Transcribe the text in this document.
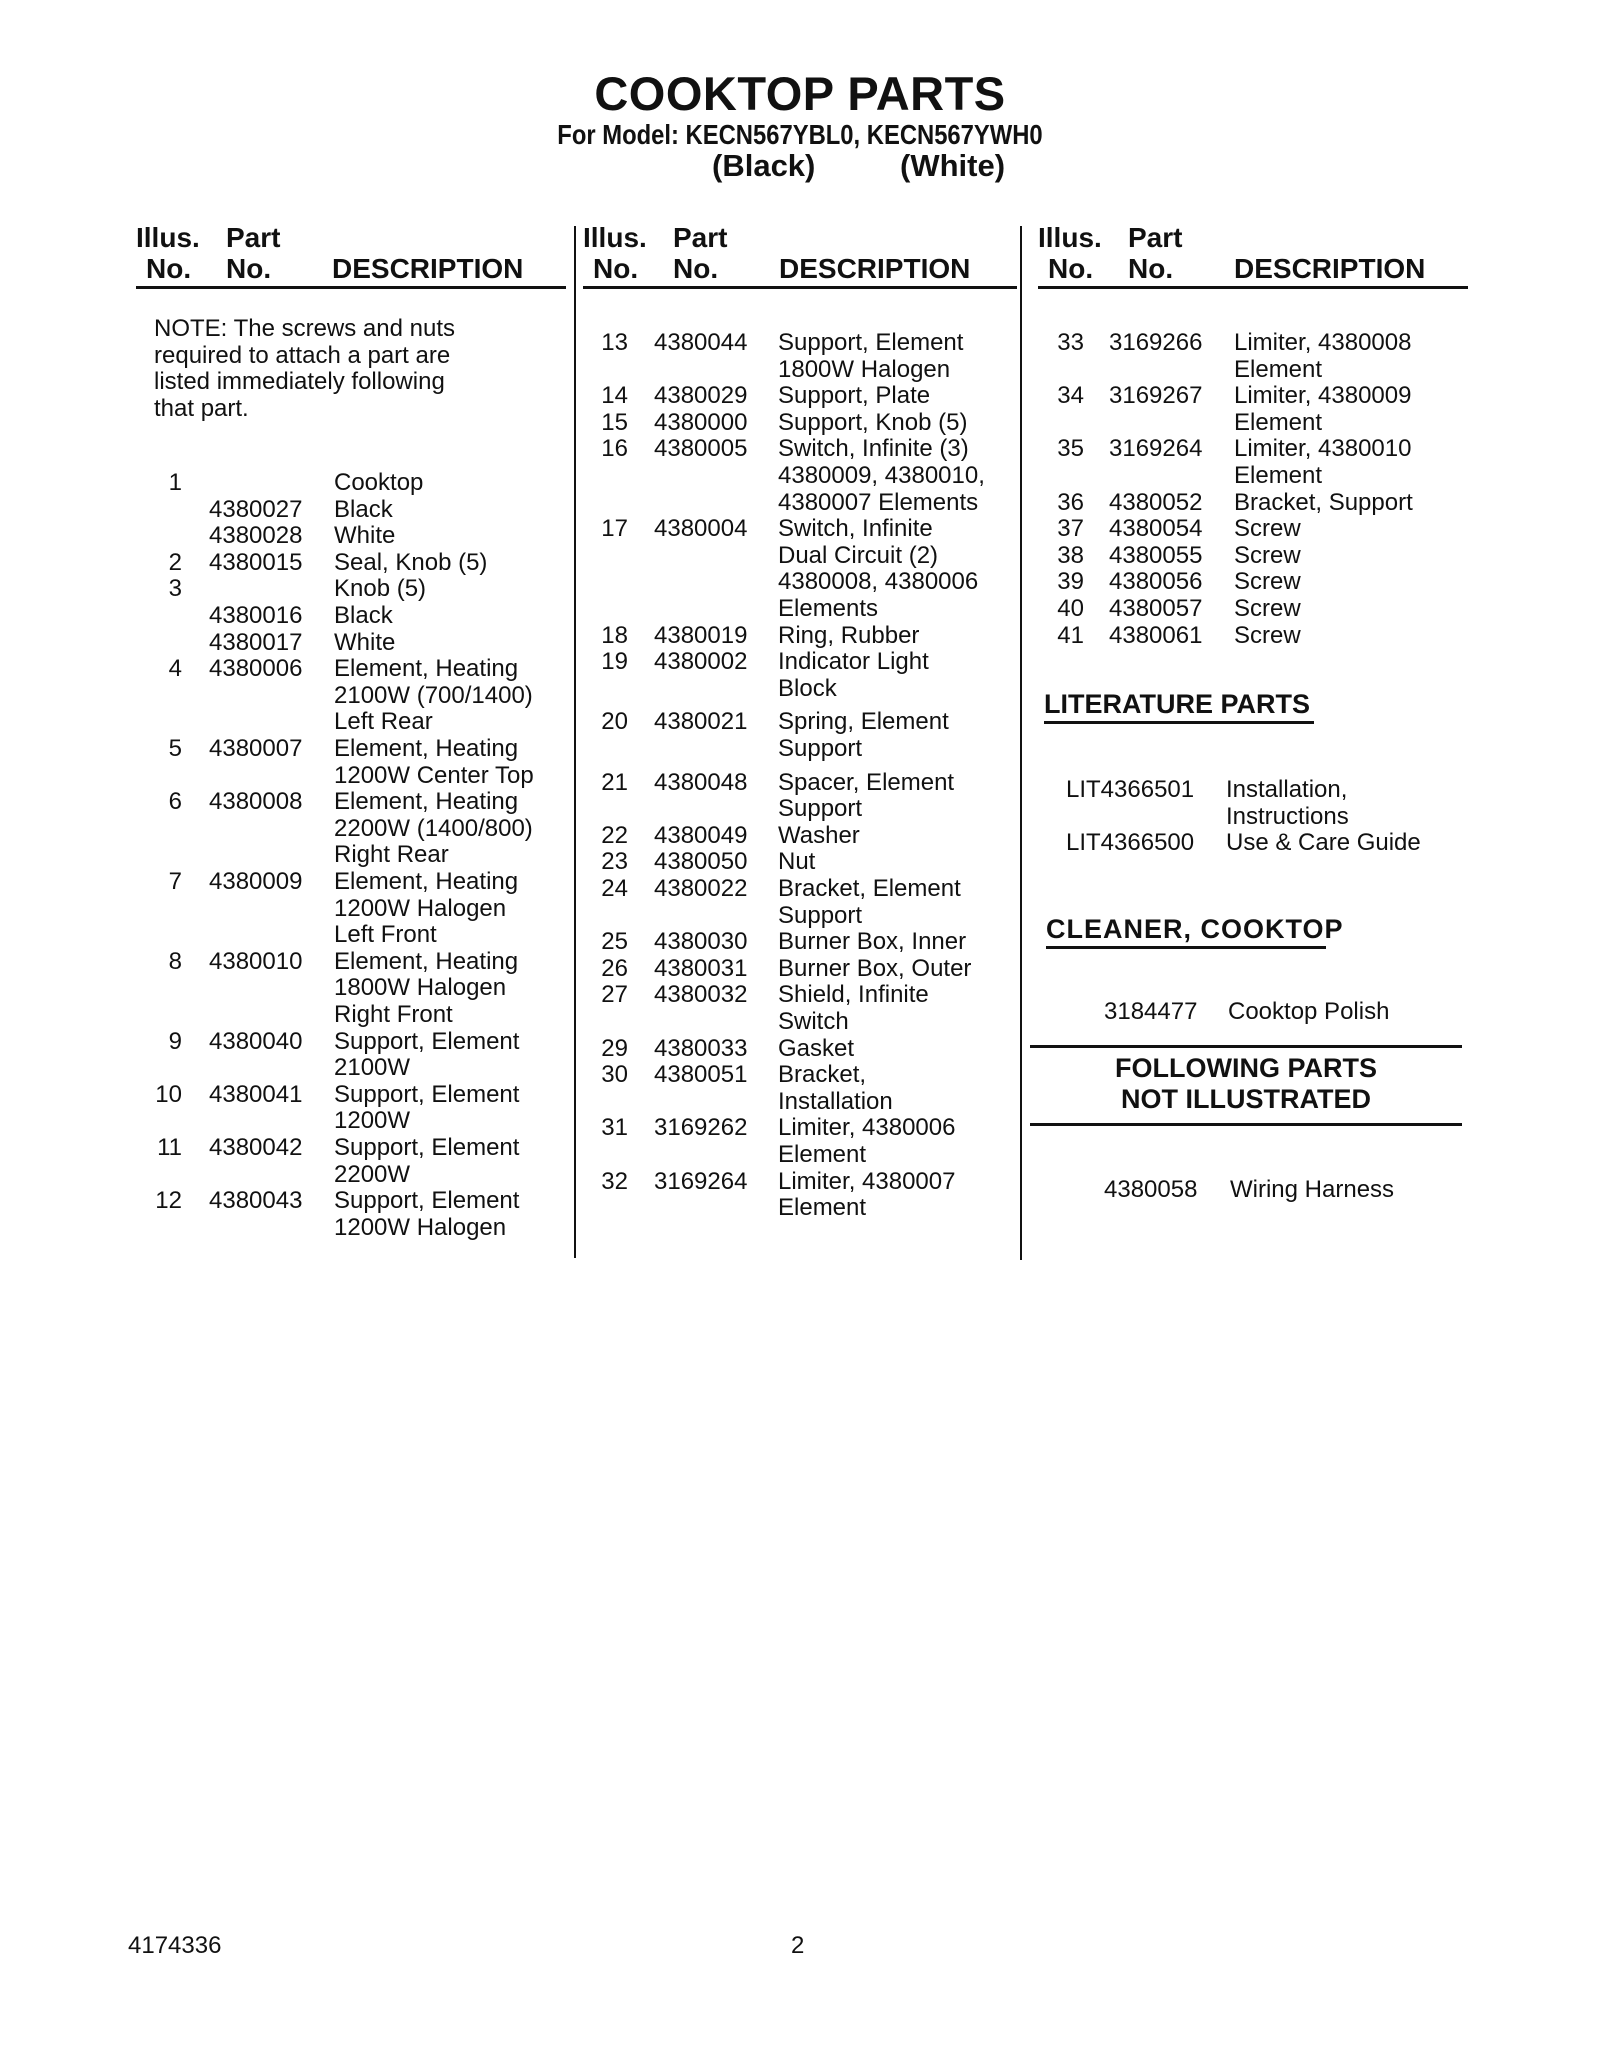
COOKTOP PARTS
For Model: KECN567YBL0, KECN567YWH0
(Black)	(White)
Illus. Part
No. No. DESCRIPTION
Illus. Part
No. No. DESCRIPTION
Illus. Part
No. No. DESCRIPTION
NOTE: The screws and nuts
required to attach a part are
listed immediately following
that part.
1	Cooktop
4380027 Black
4380028 White
2 4380015 Seal, Knob (5)
3	Knob (5)
4380016 Black
4380017 White
4 4380006 Element, Heating
2100W (700/1400)
Left Rear
5 4380007 Element, Heating
1200W Center Top
6 4380008 Element, Heating
2200W (1400/800)
Right Rear
7 4380009 Element, Heating
1200W Halogen
Left Front
8 4380010 Element, Heating
1800W Halogen
Right Front
9 4380040 Support, Element
2100W
10 4380041 Support, Element
1200W
11 4380042 Support, Element
2200W
12 4380043 Support, Element
1200W Halogen
13 4380044 Support, Element
1800W Halogen
14 4380029 Support, Plate
15 4380000 Support, Knob (5)
16 4380005 Switch, Infinite (3)
4380009, 4380010,
4380007 Elements
17 4380004 Switch, Infinite
Dual Circuit (2)
4380008, 4380006
Elements
18 4380019 Ring, Rubber
19 4380002 Indicator Light
Block
20 4380021 Spring, Element
Support
21 4380048 Spacer, Element
Support
22 4380049 Washer
23 4380050 Nut
24 4380022 Bracket, Element
Support
25 4380030 Burner Box, Inner
26 4380031 Burner Box, Outer
27 4380032 Shield, Infinite
Switch
29 4380033 Gasket
30 4380051 Bracket,
Installation
31 3169262 Limiter, 4380006
Element
32 3169264 Limiter, 4380007
Element
33 3169266 Limiter, 4380008
Element
34 3169267 Limiter, 4380009
Element
35 3169264 Limiter, 4380010
Element
36 4380052 Bracket, Support
37 4380054 Screw
38 4380055 Screw
39 4380056 Screw
40 4380057 Screw
41 4380061 Screw
LITERATURE PARTS
LIT4366501 Installation,
Instructions
LIT4366500 Use & Care Guide
CLEANER, COOKTOP
3184477 Cooktop Polish
FOLLOWING PARTS
NOT ILLUSTRATED
4380058 Wiring Harness
4174336	2
